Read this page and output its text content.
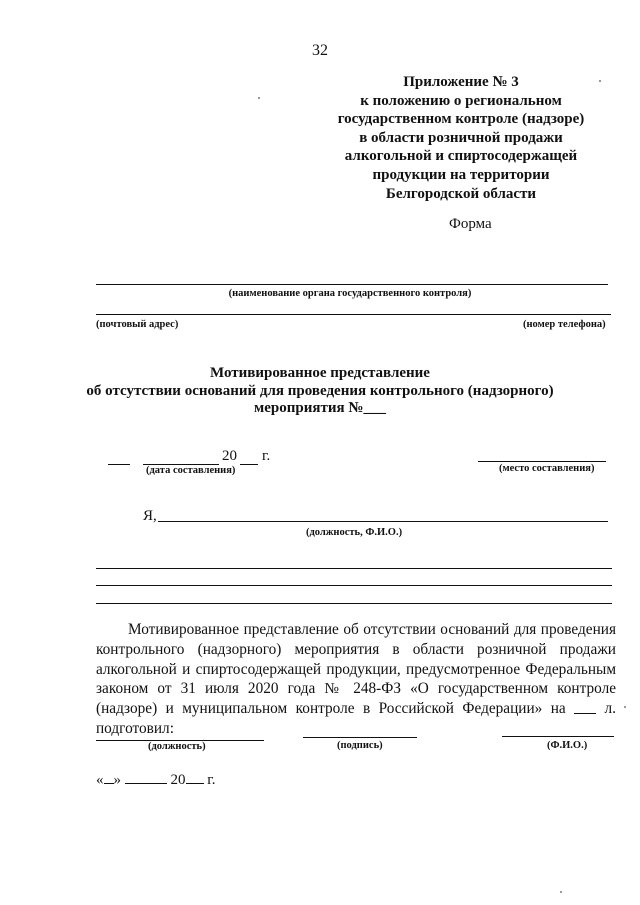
32
Приложение № 3
к положению о региональном
государственном контроле (надзоре)
в области розничной продажи
алкогольной и спиртосодержащей
продукции на территории
Белгородской области
Форма
(наименование органа государственного контроля)
(почтовый адрес)	(номер телефона)
Мотивированное представление
об отсутствии оснований для проведения контрольного (надзорного)
мероприятия №___
20 г.
(дата составления)	(место составления)
Я,
(должность, Ф.И.О.)
Мотивированное представление об отсутствии оснований для проведения контрольного (надзорного) мероприятия в области розничной продажи алкогольной и спиртосодержащей продукции, предусмотренное Федеральным законом от 31 июля 2020 года № 248-ФЗ «О государственном контроле (надзоре) и муниципальном контроле в Российской Федерации» на	л. подготовил:
(должность)	(подпись)	(Ф.И.О.)
« »	20 г.
